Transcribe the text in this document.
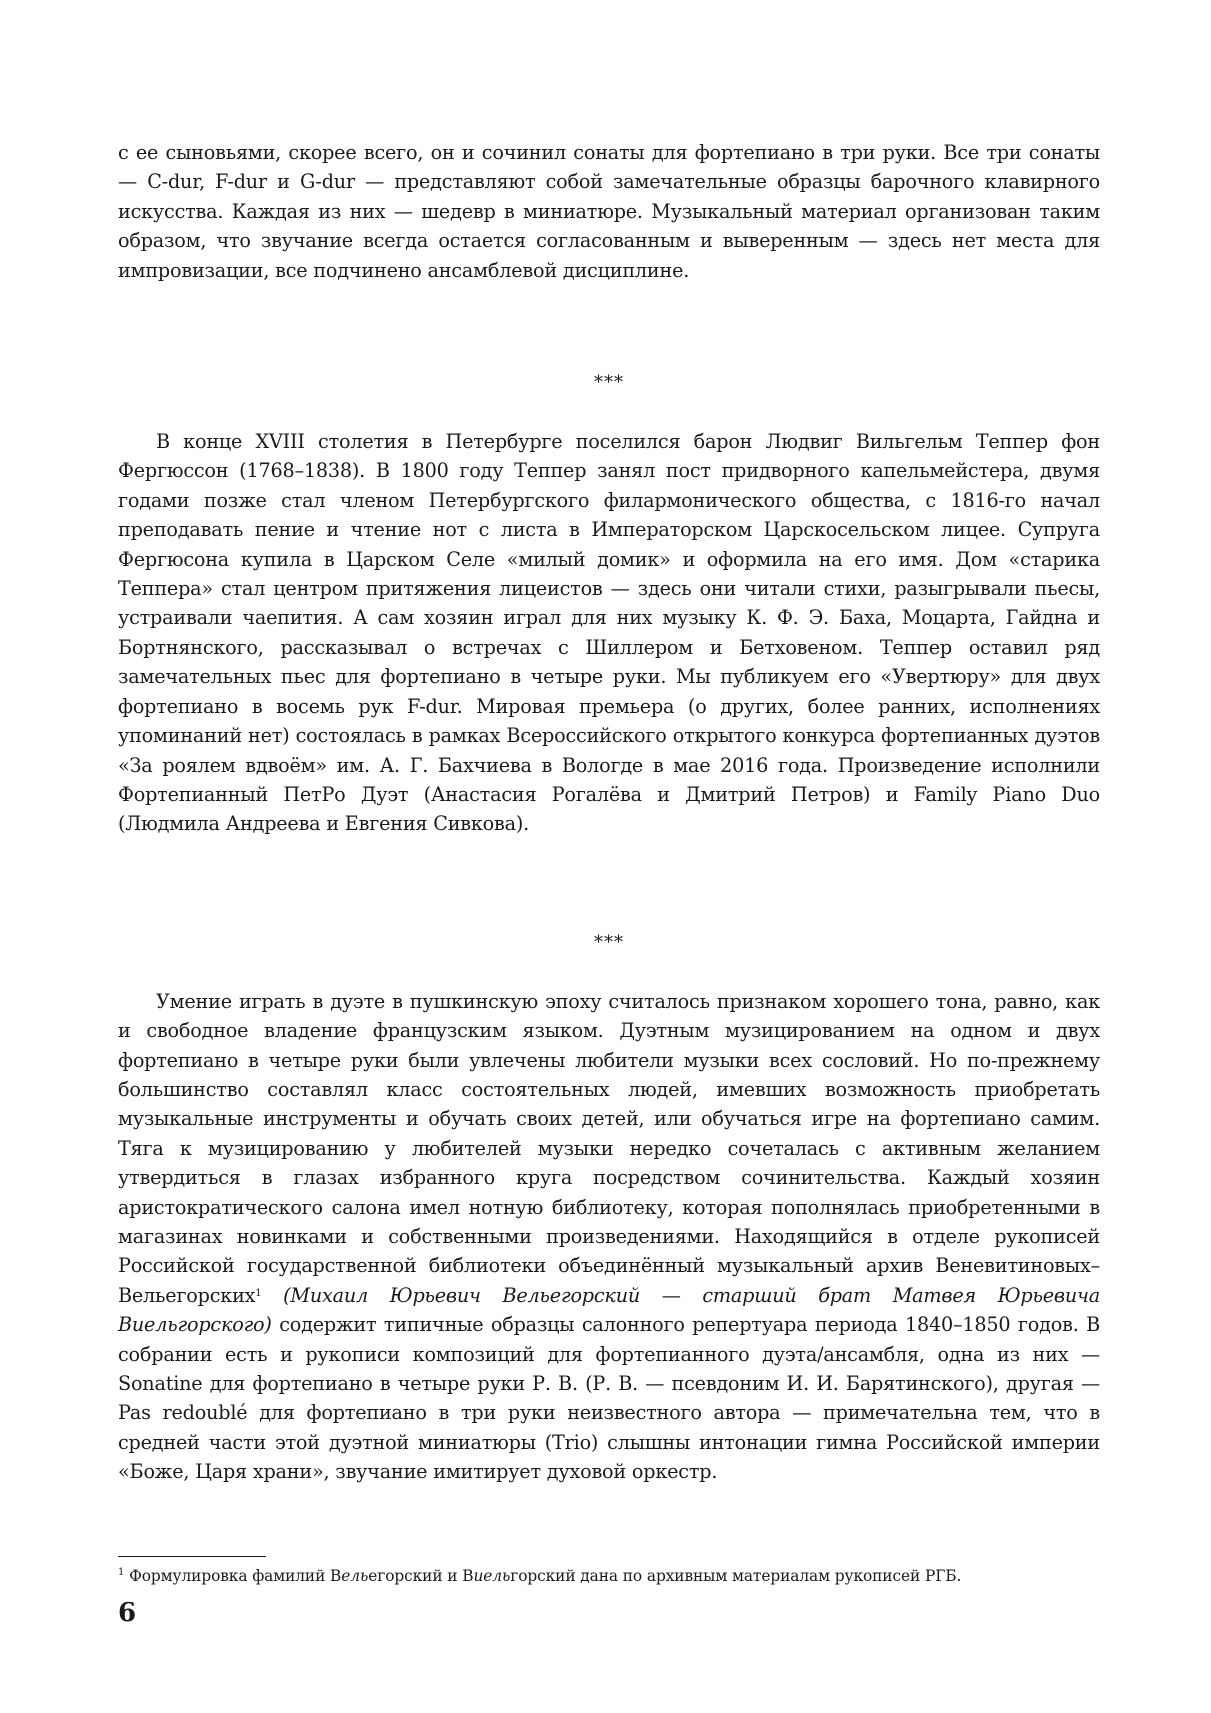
с ее сыновьями, скорее всего, он и сочинил сонаты для фортепиано в три руки. Все три сонаты — C-dur, F-dur и G-dur — представляют собой замечательные образцы барочного клавирного искусства. Каждая из них — шедевр в миниатюре. Музыкальный материал организован таким образом, что звучание всегда остается согласованным и выверенным — здесь нет места для импровизации, все подчинено ансамблевой дисциплине.

***

В конце XVIII столетия в Петербурге поселился барон Людвиг Вильгельм Теппер фон Фергюссон (1768–1838). В 1800 году Теппер занял пост придворного капельмейстера, двумя годами позже стал членом Петербургского филармонического общества, с 1816-го начал преподавать пение и чтение нот с листа в Императорском Царскосельском лицее. Супруга Фергюсона купила в Царском Селе «милый домик» и оформила на его имя. Дом «старика Теппера» стал центром притяжения лицеистов — здесь они читали стихи, разыгрывали пьесы, устраивали чаепития. А сам хозяин играл для них музыку К. Ф. Э. Баха, Моцарта, Гайдна и Бортнянского, рассказывал о встречах с Шиллером и Бетховеном. Теппер оставил ряд замечательных пьес для фортепиано в четыре руки. Мы публикуем его «Увертюру» для двух фортепиано в восемь рук F-dur. Мировая премьера (о других, более ранних, исполнениях упоминаний нет) состоялась в рамках Всероссийского открытого конкурса фортепианных дуэтов «За роялем вдвоём» им. А. Г. Бахчиева в Вологде в мае 2016 года. Произведение исполнили Фортепианный ПетРо Дуэт (Анастасия Рогалёва и Дмитрий Петров) и Family Piano Duo (Людмила Андреева и Евгения Сивкова).

***

Умение играть в дуэте в пушкинскую эпоху считалось признаком хорошего тона, равно, как и свободное владение французским языком. Дуэтным музицированием на одном и двух фортепиано в четыре руки были увлечены любители музыки всех сословий. Но по-прежнему большинство составлял класс состоятельных людей, имевших возможность приобретать музыкальные инструменты и обучать своих детей, или обучаться игре на фортепиано самим. Тяга к музицированию у любителей музыки нередко сочеталась с активным желанием утвердиться в глазах избранного круга посредством сочинительства. Каждый хозяин аристократического салона имел нотную библиотеку, которая пополнялась приобретенными в магазинах новинками и собственными произведениями. Находящийся в отделе рукописей Российской государственной библиотеки объединённый музыкальный архив Веневитиновых–Вельегорских$^1$ (Михаил Юрьевич Вельегорский — старший брат Матвея Юрьевича Виельгорского) содержит типичные образцы салонного репертуара периода 1840–1850 годов. В собрании есть и рукописи композиций для фортепианного дуэта/ансамбля, одна из них — Sonatine для фортепиано в четыре руки Р. В. (Р. В. — псевдоним И. И. Барятинского), другая — Pas redoublé для фортепиано в три руки неизвестного автора — примечательна тем, что в средней части этой дуэтной миниатюры (Trio) слышны интонации гимна Российской империи «Боже, Царя храни», звучание имитирует духовой оркестр.

$^1$ Формулировка фамилий Вельегорский и Виельгорский дана по архивным материалам рукописей РГБ.

6
